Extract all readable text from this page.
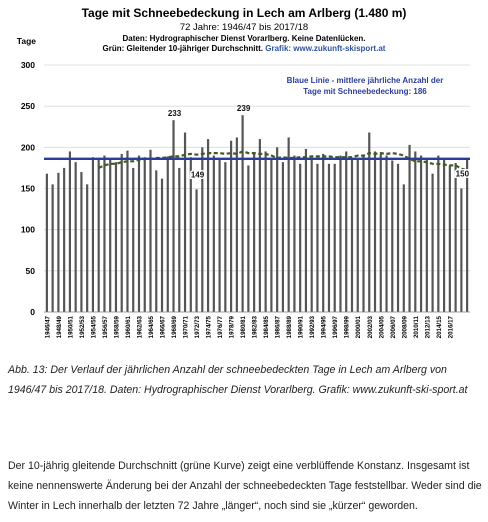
Tage mit Schneebedeckung in Lech am Arlberg (1.480 m)
72 Jahre: 1946/47 bis 2017/18
Daten: Hydrographischer Dienst Vorarlberg. Keine Datenlücken.
Grün: Gleitender 10-jähriger Durchschnitt. Grafik: www.zukunft-skisport.at
0
50
100
150
200
250
300
Tage
1946/47 1948/49 1950/51 1952/53 1954/55 1956/57 1958/59 1960/61 1962/63 1964/65 1966/67 1968/69 1970/71 1972/73 1974/75 1976/77 1978/79 1980/81 1982/83 1984/85 1986/87 1988/89 1990/91 1992/93 1994/95 1996/97 1998/99 2000/01 2002/03 2004/05 2006/07 2008/09 2010/11 2012/13 2014/15 2016/17
Blaue Linie - mittlere jährliche Anzahl der
Tage mit Schneebedeckung: 186
233
239
149	150
Abb. 13: Der Verlauf der jährlichen Anzahl der schneebedeckten Tage in Lech am Arlberg von 1946/47 bis 2017/18. Daten: Hydrographischer Dienst Vorarlberg. Grafik: www.zukunft-ski-sport.at
Der 10-jährig gleitende Durchschnitt (grüne Kurve) zeigt eine verblüffende Konstanz. Insgesamt ist keine nennenswerte Änderung bei der Anzahl der schneebedeckten Tage feststellbar. Weder sind die Winter in Lech innerhalb der letzten 72 Jahre „länger“, noch sind sie „kürzer“ geworden.
